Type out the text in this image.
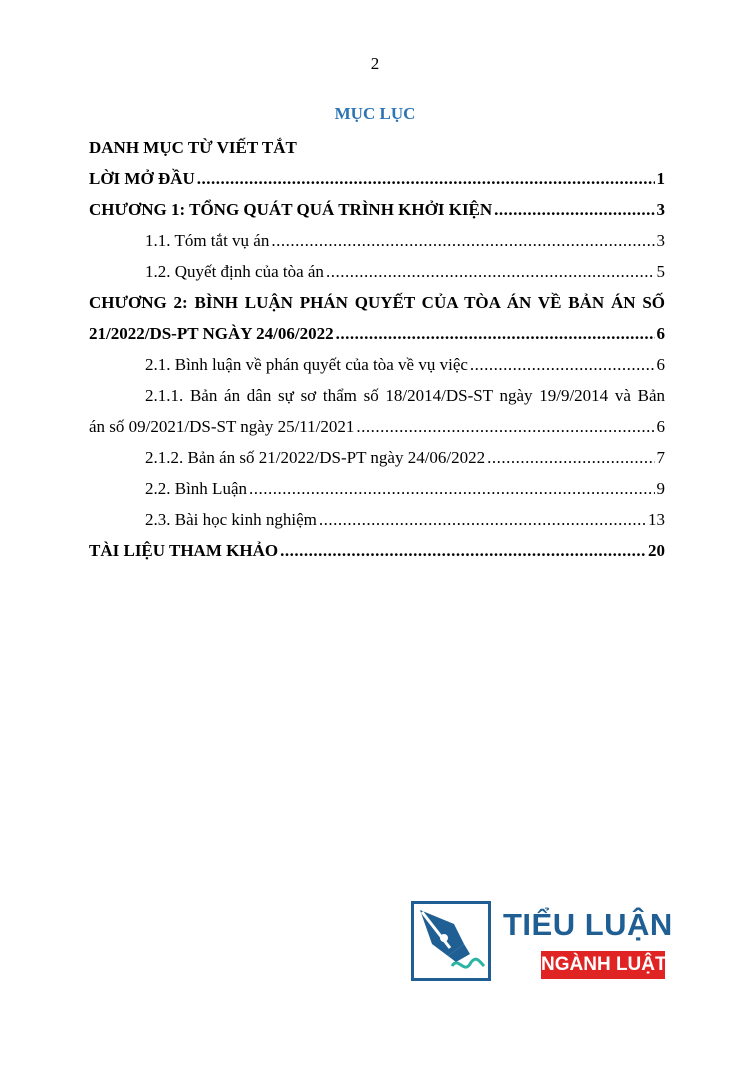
2
MỤC LỤC
DANH MỤC TỪ VIẾT TẮT
LỜI MỞ ĐẦU .....	1
CHƯƠNG 1: TỔNG QUÁT QUÁ TRÌNH KHỞI KIỆN .....	3
1.1. Tóm tắt vụ án .....	3
1.2. Quyết định của tòa án .....	5
CHƯƠNG 2: BÌNH LUẬN PHÁN QUYẾT CỦA TÒA ÁN VỀ BẢN ÁN SỐ
21/2022/DS-PT NGÀY 24/06/2022 .....	6
2.1. Bình luận về phán quyết của tòa về vụ việc .....	6
2.1.1. Bản án dân sự sơ thẩm số 18/2014/DS-ST ngày 19/9/2014 và Bản
án số 09/2021/DS-ST ngày 25/11/2021 .....	6
2.1.2. Bản án số 21/2022/DS-PT ngày 24/06/2022 .....	7
2.2. Bình Luận .....	9
2.3. Bài học kinh nghiệm .....	13
TÀI LIỆU THAM KHẢO .....	20
TIỂU LUẬN
NGÀNH LUẬT
